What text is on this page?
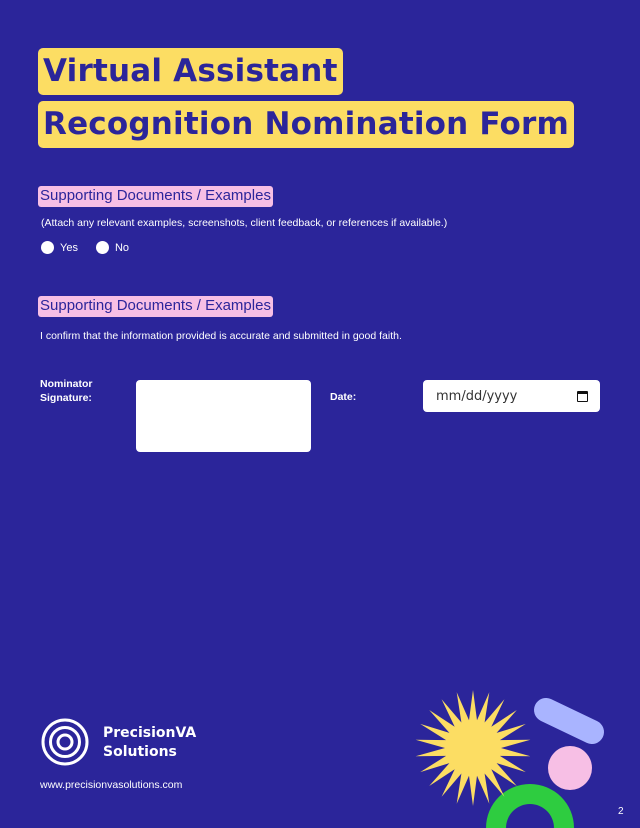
Virtual Assistant
Recognition Nomination Form
Supporting Documents / Examples
(Attach any relevant examples, screenshots, client feedback, or references if available.)
Yes	No
Supporting Documents / Examples
I confirm that the information provided is accurate and submitted in good faith.
Nominator
Signature:	Date:	mm/dd/yyyy
PrecisionVA
Solutions
www.precisionvasolutions.com
2
